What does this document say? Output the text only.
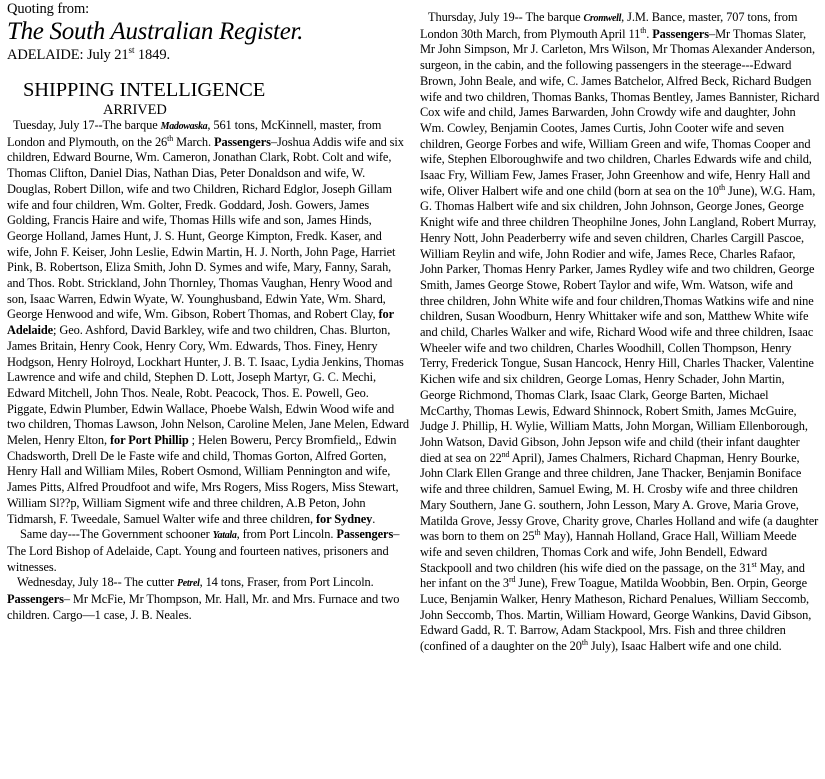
Quoting from:
The South Australian Register.
ADELAIDE: July 21st 1849.
SHIPPING INTELLIGENCE
ARRIVED

Tuesday, July 17--The barque Madowaska, 561 tons, McKinnell, master, from London and Plymouth, on the 26th March. Passengers–Joshua Addis wife and six children, Edward Bourne, Wm. Cameron, Jonathan Clark, Robt. Colt and wife, Thomas Clifton, Daniel Dias, Nathan Dias, Peter Donaldson and wife, W. Douglas, Robert Dillon, wife and two Children, Richard Edglor, Joseph Gillam wife and four children, Wm. Golter, Fredk. Goddard, Josh. Gowers, James Golding, Francis Haire and wife, Thomas Hills wife and son, James Hinds, George Holland, James Hunt, J. S. Hunt, George Kimpton, Fredk. Kaser, and wife, John F. Keiser, John Leslie, Edwin Martin, H. J. North, John Page, Harriet Pink, B. Robertson, Eliza Smith, John D. Symes and wife, Mary, Fanny, Sarah, and Thos. Robt. Strickland, John Thornley, Thomas Vaughan, Henry Wood and son, Isaac Warren, Edwin Wyate, W. Younghusband, Edwin Yate, Wm. Shard, George Henwood and wife, Wm. Gibson, Robert Thomas, and Robert Clay, for Adelaide; Geo. Ashford, David Barkley, wife and two children, Chas. Blurton, James Britain, Henry Cook, Henry Cory, Wm. Edwards, Thos. Finey, Henry Hodgson, Henry Holroyd, Lockhart Hunter, J. B. T. Isaac, Lydia Jenkins, Thomas Lawrence and wife and child, Stephen D. Lott, Joseph Martyr, G. C. Mechi, Edward Mitchell, John Thos. Neale, Robt. Peacock, Thos. E. Powell, Geo. Piggate, Edwin Plumber, Edwin Wallace, Phoebe Walsh, Edwin Wood wife and two children, Thomas Lawson, John Nelson, Caroline Melen, Jane Melen, Edward Melen, Henry Elton, for Port Phillip ; Helen Boweru, Percy Bromfield,, Edwin Chadsworth, Drell De le Faste wife and child, Thomas Gorton, Alfred Gorten, Henry Hall and William Miles, Robert Osmond, William Pennington and wife, James Pitts, Alfred Proudfoot and wife, Mrs Rogers, Miss Rogers, Miss Stewart, William Sl??p, William Sigment wife and three children, A.B Peton, John Tidmarsh, F. Tweedale, Samuel Walter wife and three children, for Sydney.

Same day---The Government schooner Yatala, from Port Lincoln. Passengers–The Lord Bishop of Adelaide, Capt. Young and fourteen natives, prisoners and witnesses.

Wednesday, July 18-- The cutter Petrel, 14 tons, Fraser, from Port Lincoln. Passengers– Mr McFie, Mr Thompson, Mr. Hall, Mr. and Mrs. Furnace and two children. Cargo—1 case, J. B. Neales.

Thursday, July 19-- The barque Cromwell, J.M. Bance, master, 707 tons, from London 30th March, from Plymouth April 11th. Passengers–Mr Thomas Slater, Mr John Simpson, Mr J. Carleton, Mrs Wilson, Mr Thomas Alexander Anderson, surgeon, in the cabin, and the following passengers in the steerage---Edward Brown, John Beale, and wife, C. James Batchelor, Alfred Beck, Richard Budgen wife and two children, Thomas Banks, Thomas Bentley, James Bannister, Richard Cox wife and child, James Barwarden, John Crowdy wife and daughter, John Wm. Cowley, Benjamin Cootes, James Curtis, John Cooter wife and seven children, George Forbes and wife, William Green and wife, Thomas Cooper and wife, Stephen Elboroughwife and two children, Charles Edwards wife and child, Isaac Fry, William Few, James Fraser, John Greenhow and wife, Henry Hall and wife, Oliver Halbert wife and one child (born at sea on the 10th June), W.G. Ham, G. Thomas Halbert wife and six children, John Johnson, George Jones, George Knight wife and three children Theophilne Jones, John Langland, Robert Murray, Henry Nott, John Peaderberry wife and seven children, Charles Cargill Pascoe, William Reylin and wife, John Rodier and wife, James Rece, Charles Rafaor, John Parker, Thomas Henry Parker, James Rydley wife and two children, George Smith, James George Stowe, Robert Taylor and wife, Wm. Watson, wife and three children, John White wife and four children,Thomas Watkins wife and nine children, Susan Woodburn, Henry Whittaker wife and son, Matthew White wife and child, Charles Walker and wife, Richard Wood wife and three children, Isaac Wheeler wife and two children, Charles Woodhill, Collen Thompson, Henry Terry, Frederick Tongue, Susan Hancock, Henry Hill, Charles Thacker, Valentine Kichen wife and six children, George Lomas, Henry Schader, John Martin, George Richmond, Thomas Clark, Isaac Clark, George Barten, Michael McCarthy, Thomas Lewis, Edward Shinnock, Robert Smith, James McGuire, Judge J. Phillip, H. Wylie, William Matts, John Morgan, William Ellenborough, John Watson, David Gibson, John Jepson wife and child (their infant daughter died at sea on 22nd April), James Chalmers, Richard Chapman, Henry Bourke, John Clark Ellen Grange and three children, Jane Thacker, Benjamin Boniface wife and three children, Samuel Ewing, M. H. Crosby wife and three children Mary Southern, Jane G. southern, John Lesson, Mary A. Grove, Maria Grove, Matilda Grove, Jessy Grove, Charity grove, Charles Holland and wife (a daughter was born to them on 25th May), Hannah Holland, Grace Hall, William Meede wife and seven children, Thomas Cork and wife, John Bendell, Edward Stackpooll and two children (his wife died on the passage, on the 31st May, and her infant on the 3rd June), Frew Toague, Matilda Woobbin, Ben. Orpin, George Luce, Benjamin Walker, Henry Matheson, Richard Penalues, William Seccomb, John Seccomb, Thos. Martin, William Howard, George Wankins, David Gibson, Edward Gadd, R. T. Barrow, Adam Stackpool, Mrs. Fish and three children (confined of a daughter on the 20th July), Isaac Halbert wife and one child.
